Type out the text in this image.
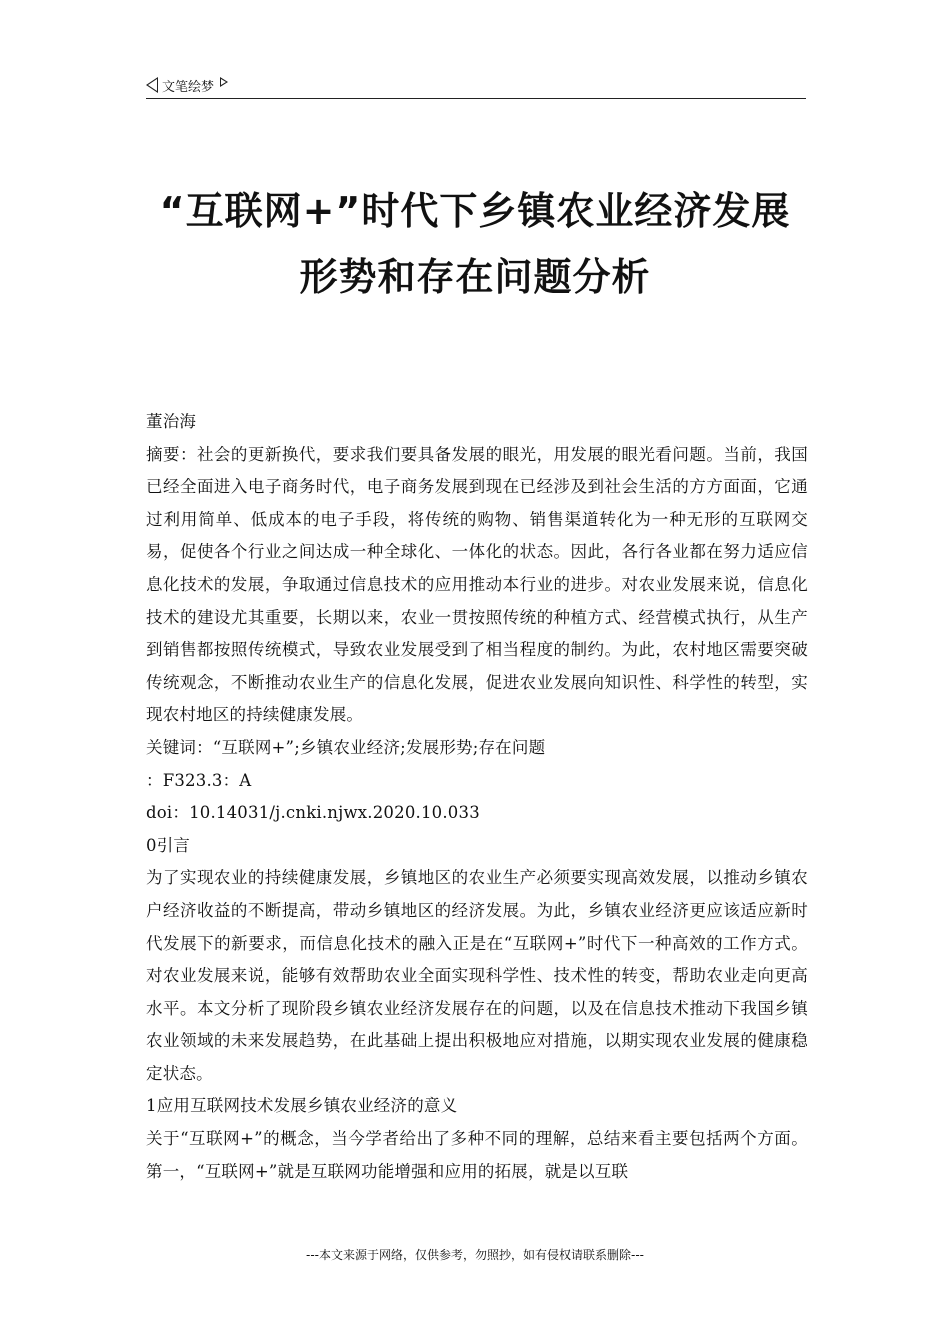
文笔绘梦
“互联网+”时代下乡镇农业经济发展
形势和存在问题分析

董治海

摘要：社会的更新换代，要求我们要具备发展的眼光，用发展的眼光看问题。当前，我国已经全面进入电子商务时代，电子商务发展到现在已经涉及到社会生活的方方面面，它通过利用简单、低成本的电子手段，将传统的购物、销售渠道转化为一种无形的互联网交易，促使各个行业之间达成一种全球化、一体化的状态。因此，各行各业都在努力适应信息化技术的发展，争取通过信息技术的应用推动本行业的进步。对农业发展来说，信息化技术的建设尤其重要，长期以来，农业一贯按照传统的种植方式、经营模式执行，从生产到销售都按照传统模式，导致农业发展受到了相当程度的制约。为此，农村地区需要突破传统观念，不断推动农业生产的信息化发展，促进农业发展向知识性、科学性的转型，实现农村地区的持续健康发展。

关键词：“互联网+”;乡镇农业经济;发展形势;存在问题

：F323.3：A

doi：10.14031/j.cnki.njwx.2020.10.033

0引言

为了实现农业的持续健康发展，乡镇地区的农业生产必须要实现高效发展，以推动乡镇农户经济收益的不断提高，带动乡镇地区的经济发展。为此，乡镇农业经济更应该适应新时代发展下的新要求，而信息化技术的融入正是在“互联网+”时代下一种高效的工作方式。对农业发展来说，能够有效帮助农业全面实现科学性、技术性的转变，帮助农业走向更高水平。本文分析了现阶段乡镇农业经济发展存在的问题，以及在信息技术推动下我国乡镇农业领域的未来发展趋势，在此基础上提出积极地应对措施，以期实现农业发展的健康稳定状态。

1应用互联网技术发展乡镇农业经济的意义

关于“互联网+”的概念，当今学者给出了多种不同的理解，总结来看主要包括两个方面。第一，“互联网+”就是互联网功能增强和应用的拓展，就是以互联

---本文来源于网络，仅供参考，勿照抄，如有侵权请联系删除---
